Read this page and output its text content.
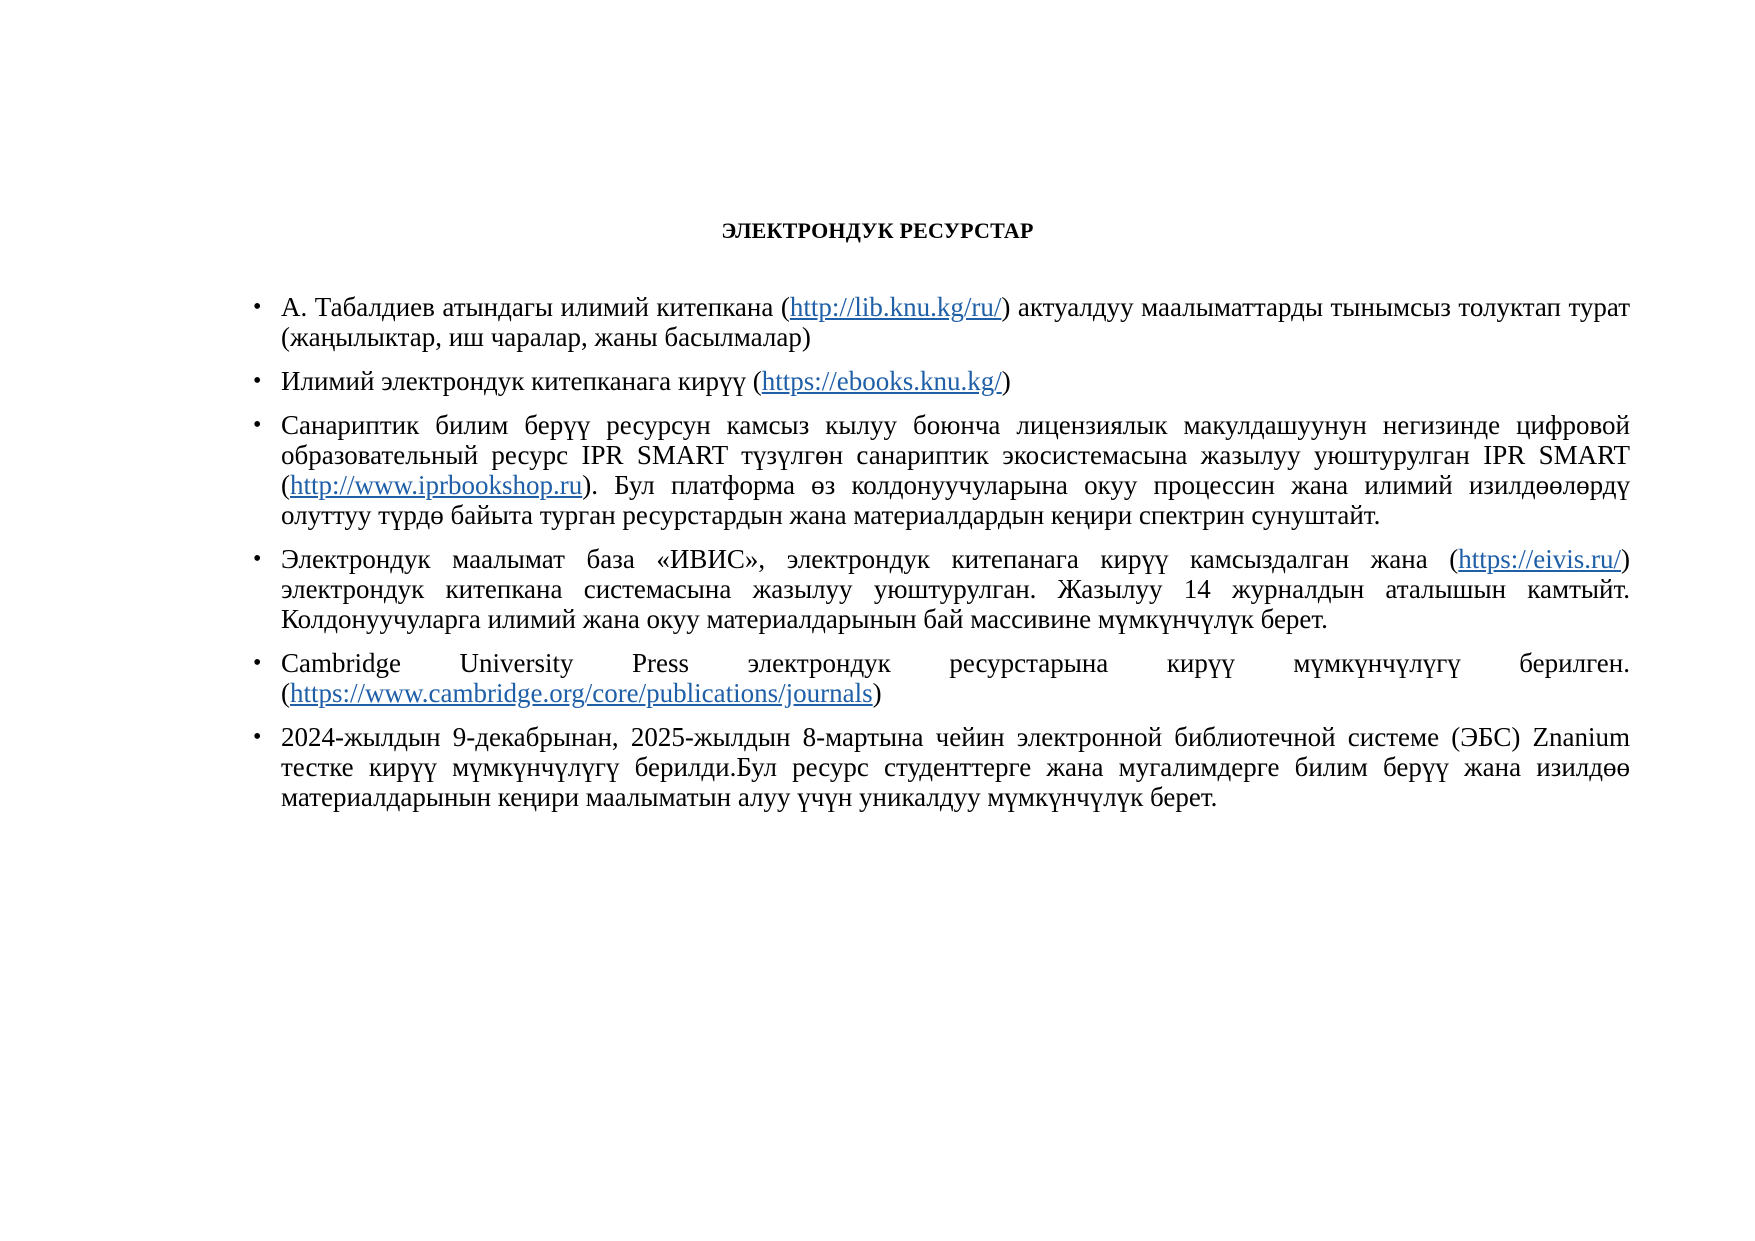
ЭЛЕКТРОНДУК РЕСУРСТАР
• А. Табалдиев атындагы илимий китепкана (http://lib.knu.kg/ru/) актуалдуу маалыматтарды тынымсыз толуктап турат (жаңылыктар, иш чаралар, жаны басылмалар)
• Илимий электрондук китепканага кирүү (https://ebooks.knu.kg/)
• Санариптик билим берүү ресурсун камсыз кылуу боюнча лицензиялык макулдашуунун негизинде цифровой образовательный ресурс IPR SMART түзүлгөн санариптик экосистемасына жазылуу уюштурулган IPR SMART (http://www.iprbookshop.ru). Бул платформа өз колдонуучуларына окуу процессин жана илимий изилдөөлөрдү олуттуу түрдө байыта турган ресурстардын жана материалдардын кеңири спектрин сунуштайт.
• Электрондук маалымат база «ИВИС», электрондук китепанага кирүү камсыздалган жана (https://eivis.ru/) электрондук китепкана системасына жазылуу уюштурулган. Жазылуу 14 журналдын аталышын камтыйт. Колдонуучуларга илимий жана окуу материалдарынын бай массивине мүмкүнчүлүк берет.
• Cambridge University Press электрондук ресурстарына кирүү мүмкүнчүлүгү берилген. (https://www.cambridge.org/core/publications/journals)
• 2024-жылдын 9-декабрынан, 2025-жылдын 8-мартына чейин электронной библиотечной системе (ЭБС) Znanium тестке кирүү мүмкүнчүлүгү берилди.Бул ресурс студенттерге жана мугалимдерге билим берүү жана изилдөө материалдарынын кеңири маалыматын алуу үчүн уникалдуу мүмкүнчүлүк берет.
